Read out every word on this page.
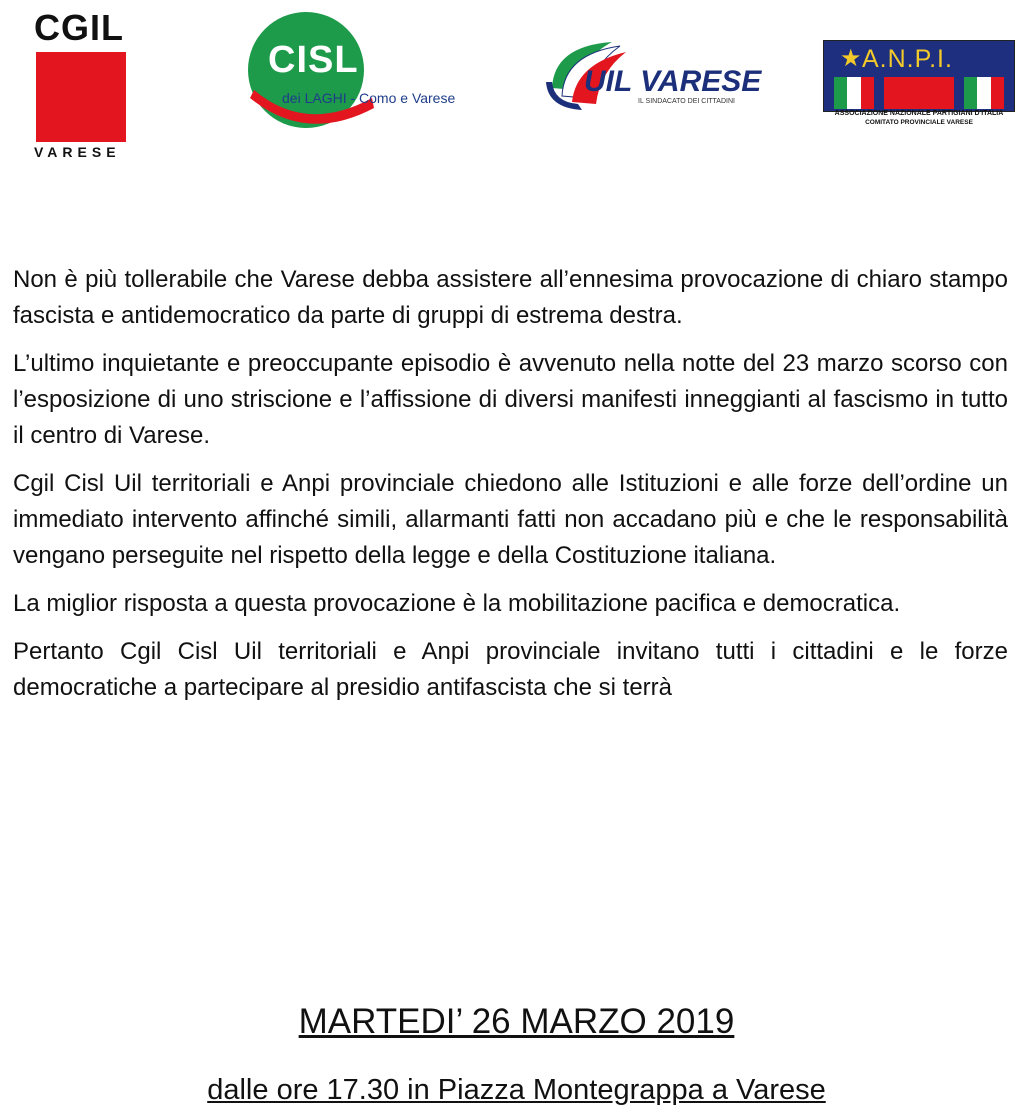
CGIL
VARESE
CISL
dei LAGHI - Como e Varese	UIL VARESE
IL SINDACATO DEI CITTADINI
★ A.N.P.I.
ASSOCIAZIONE NAZIONALE PARTIGIANI D'ITALIA
COMITATO PROVINCIALE VARESE

Non è più tollerabile che Varese debba assistere all’ennesima provocazione di chiaro stampo fascista e antidemocratico da parte di gruppi di estrema destra.

L’ultimo inquietante e preoccupante episodio è avvenuto nella notte del 23 marzo scorso con l’esposizione di uno striscione e l’affissione di diversi manifesti inneggianti al fascismo in tutto il centro di Varese.

Cgil Cisl Uil territoriali e Anpi provinciale chiedono alle Istituzioni e alle forze dell’ordine un immediato intervento affinché simili, allarmanti fatti non accadano più e che le responsabilità vengano perseguite nel rispetto della legge e della Costituzione italiana.

La miglior risposta a questa provocazione è la mobilitazione pacifica e democratica.

Pertanto Cgil Cisl Uil territoriali e Anpi provinciale invitano tutti i cittadini e le forze democratiche a partecipare al presidio antifascista che si terrà

MARTEDI’ 26 MARZO 2019
dalle ore 17.30 in Piazza Montegrappa a Varese
